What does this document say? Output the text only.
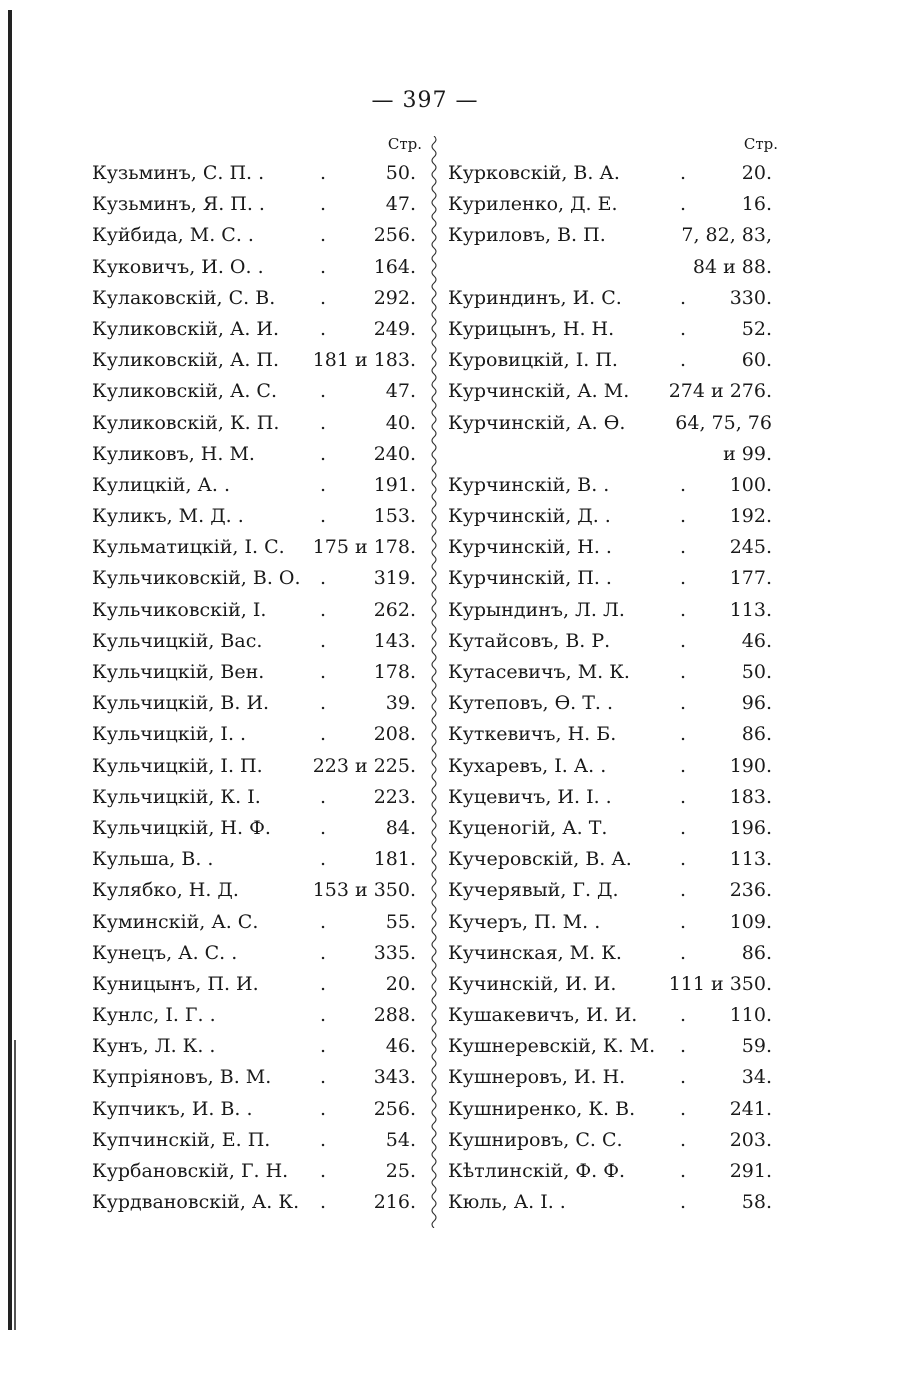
— 397 —
Стр.
Кузьминъ, С. П. .	.	50.
Кузьминъ, Я. П. .	.	47.
Куйбида, М. С. .	.	256.
Куковичъ, И. О. .	.	164.
Кулаковскій, С. В. .	292.
Куликовскій, А. И. .	249.
Куликовскій, А. П. 181 и 183.
Куликовскій, А. С. .	47.
Куликовскій, К. П. .	40.
Куликовъ, Н. М.	.	240.
Кулицкій, А. .	.	191.
Куликъ, М. Д. .	.	153.
Кульматицкій, І. С. 175 и 178.
Кульчиковскій, В. О. .	319.
Кульчиковскій, І.	.	262.
Кульчицкій, Вас.	.	143.
Кульчицкій, Вен.	.	178.
Кульчицкій, В. И.	.	39.
Кульчицкій, І. .	.	208.
Кульчицкій, І. П.	223 и 225.
Кульчицкій, К. І.	.	223.
Кульчицкій, Н. Ф.	.	84.
Кульша, В. .	.	181.
Кулябко, Н. Д.	153 и 350.
Куминскій, А. С.	.	55.
Кунецъ, А. С. .	.	335.
Куницынъ, П. И.	.	20.
Кунлс, І. Г. .	.	288.
Кунъ, Л. К. .	.	46.
Купріяновъ, В. М.	.	343.
Купчикъ, И. В. .	.	256.
Купчинскій, Е. П.	.	54.
Курбановскій, Г. Н. .	25.
Курдвановскій, А. К. .	216.
Стр.
Курковскій, В. А.	.	20.
Куриленко, Д. Е.	.	16.
Куриловъ, В. П.	7, 82, 83,
84 и 88.
Куриндинъ, И. С.	. 330.
Курицынъ, Н. Н.	.	52.
Куровицкій, І. П.	.	60.
Курчинскій, А. М. 274 и 276.
Курчинскій, А. Ѳ.	64, 75, 76
и 99.
Курчинскій, В. .	. 100.
Курчинскій, Д. .	. 192.
Курчинскій, Н. .	. 245.
Курчинскій, П. .	. 177.
Курындинъ, Л. Л.	. 113.
Кутайсовъ, В. Р.	.	46.
Кутасевичъ, М. К.	.	50.
Кутеповъ, Ѳ. Т. .	.	96.
Куткевичъ, Н. Б.	.	86.
Кухаревъ, І. А. .	. 190.
Куцевичъ, И. І. .	. 183.
Куценогій, А. Т.	. 196.
Кучеровскій, В. А.	. 113.
Кучерявый, Г. Д.	. 236.
Кучеръ, П. М. .	. 109.
Кучинская, М. К.	.	86.
Кучинскій, И. И.	111 и 350.
Кушакевичъ, И. И. . 110.
Кушнеревскій, К. М. .	59.
Кушнеровъ, И. Н.	.	34.
Кушниренко, К. В. . 241.
Кушнировъ, С. С.	. 203.
Кѣтлинскій, Ф. Ф.	. 291.
Кюль, А. І. .	.	58.
